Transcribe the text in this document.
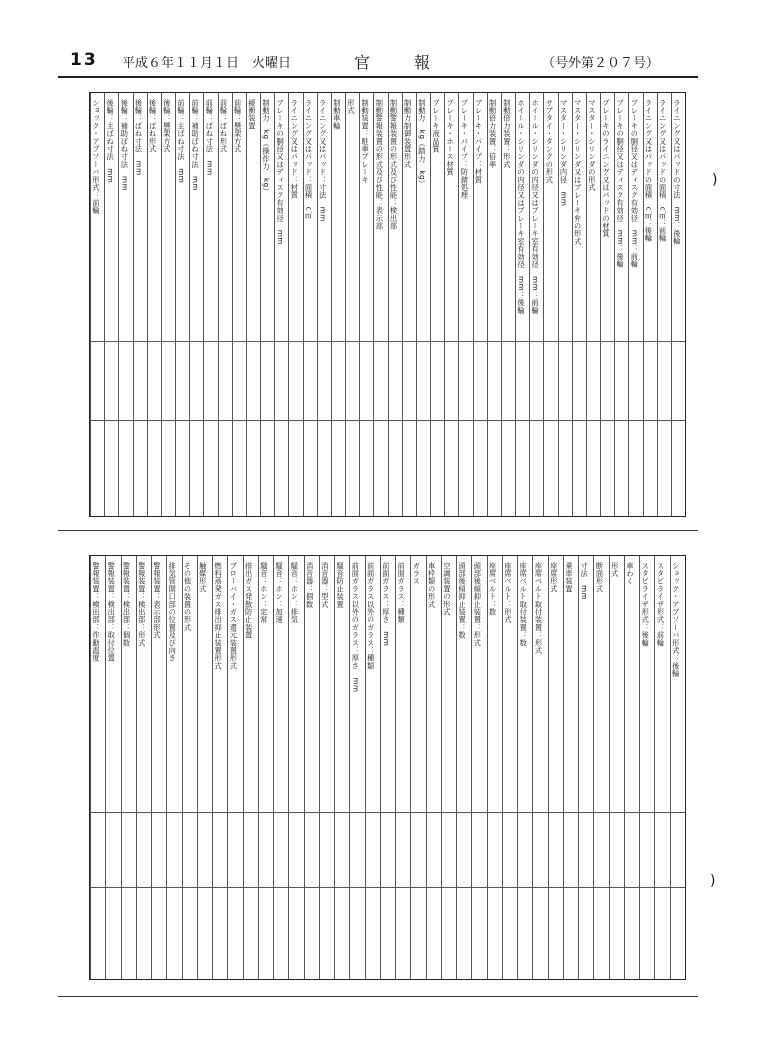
13 平成６年１１月１日　火曜日	官　報	（号外第２０７号）
ライニング又はパッドの寸法　mm：後輪
ライニング又はパッドの面積　c㎡：前輪
ライニング又はパッドの面積　c㎡：後輪
ブレーキの胴径又はディスク有効径　mm：前輪
ブレーキの胴径又はディスク有効径　mm：後輪
ブレーキのライニング又はパッドの材質
マスター・シリンダの形式
マスター・シリンダ又はブレーキ弁の形式
マスター・シリンダ内径　mm
サブタイ・タンクの形式
ホイール・シリンダの内径又はブレーキ室有効径　mm：前輪
ホイール・シリンダの内径又はブレーキ室有効径　mm：後輪
制動倍力装置：形式
制動倍力装置：倍率
ブレーキ・パイプ：材質
ブレーキ・パイプ：防錆処理
ブレーキ・ホース材質
ブレーキ液品質
制動力　kg（踏力　kg）
制動力制御装置形式
制動警報装置の形式及び性能：検出部
制動警報装置の形式及び性能：表示部
制動装置：駐車ブレーキ
形式
制動車輪
ライニング又はパッド：寸法　mm
ライニング又はパッド：面積　c㎡
ライニング又はパッド：材質
ブレーキの胴径又はディスク有効径　mm
制動力　kg（操作力　kg）
緩衝装置
前輪：懸架方式
前輪：ばね形式
前輪：ばね寸法　mm
前輪：補助ばね寸法　mm
前輪：主ばね寸法　mm
後輪：懸架方式
後輪：ばね形式
後輪：ばね寸法　mm
後輪：補助ばね寸法　mm
後輪：主ばね寸法　mm
ショック・アブソーバ形式：前輪
ショック・アブソーバ形式：後輪
スタビライザ形式：前輪
スタビライザ形式：後輪
車わく
形式
断面形式
寸法　mm
乗車装置
座席形式
座席ベルト取付装置：形式
座席ベルト取付装置：数
座席ベルト：形式
座席ベルト：数
頭部後傾抑止装置：形式
頭部後傾抑止装置：数
空調装置の形式
車枠類の形式
ガラス
前面ガラス：種類
前面ガラス：厚さ　mm
前面ガラス以外のガラス：種類
前面ガラス以外のガラス：厚さ　mm
騒音防止装置
消音器：型式
消音器：個数
騒音：ホン：排気
騒音：ホン：加速
騒音：ホン：定常
排出ガス発散防止装置
ブローバイ・ガス還元装置形式
燃料蒸発ガス排出抑止装置形式
触媒形式
その他の装置の形式
排気管開口部の位置及び向き
警報装置：表示部形式
警報装置：検出部：形式
警報装置：検出部：個数
警報装置：検出部：取付位置
警報装置：検出部：作動温度
)
)
